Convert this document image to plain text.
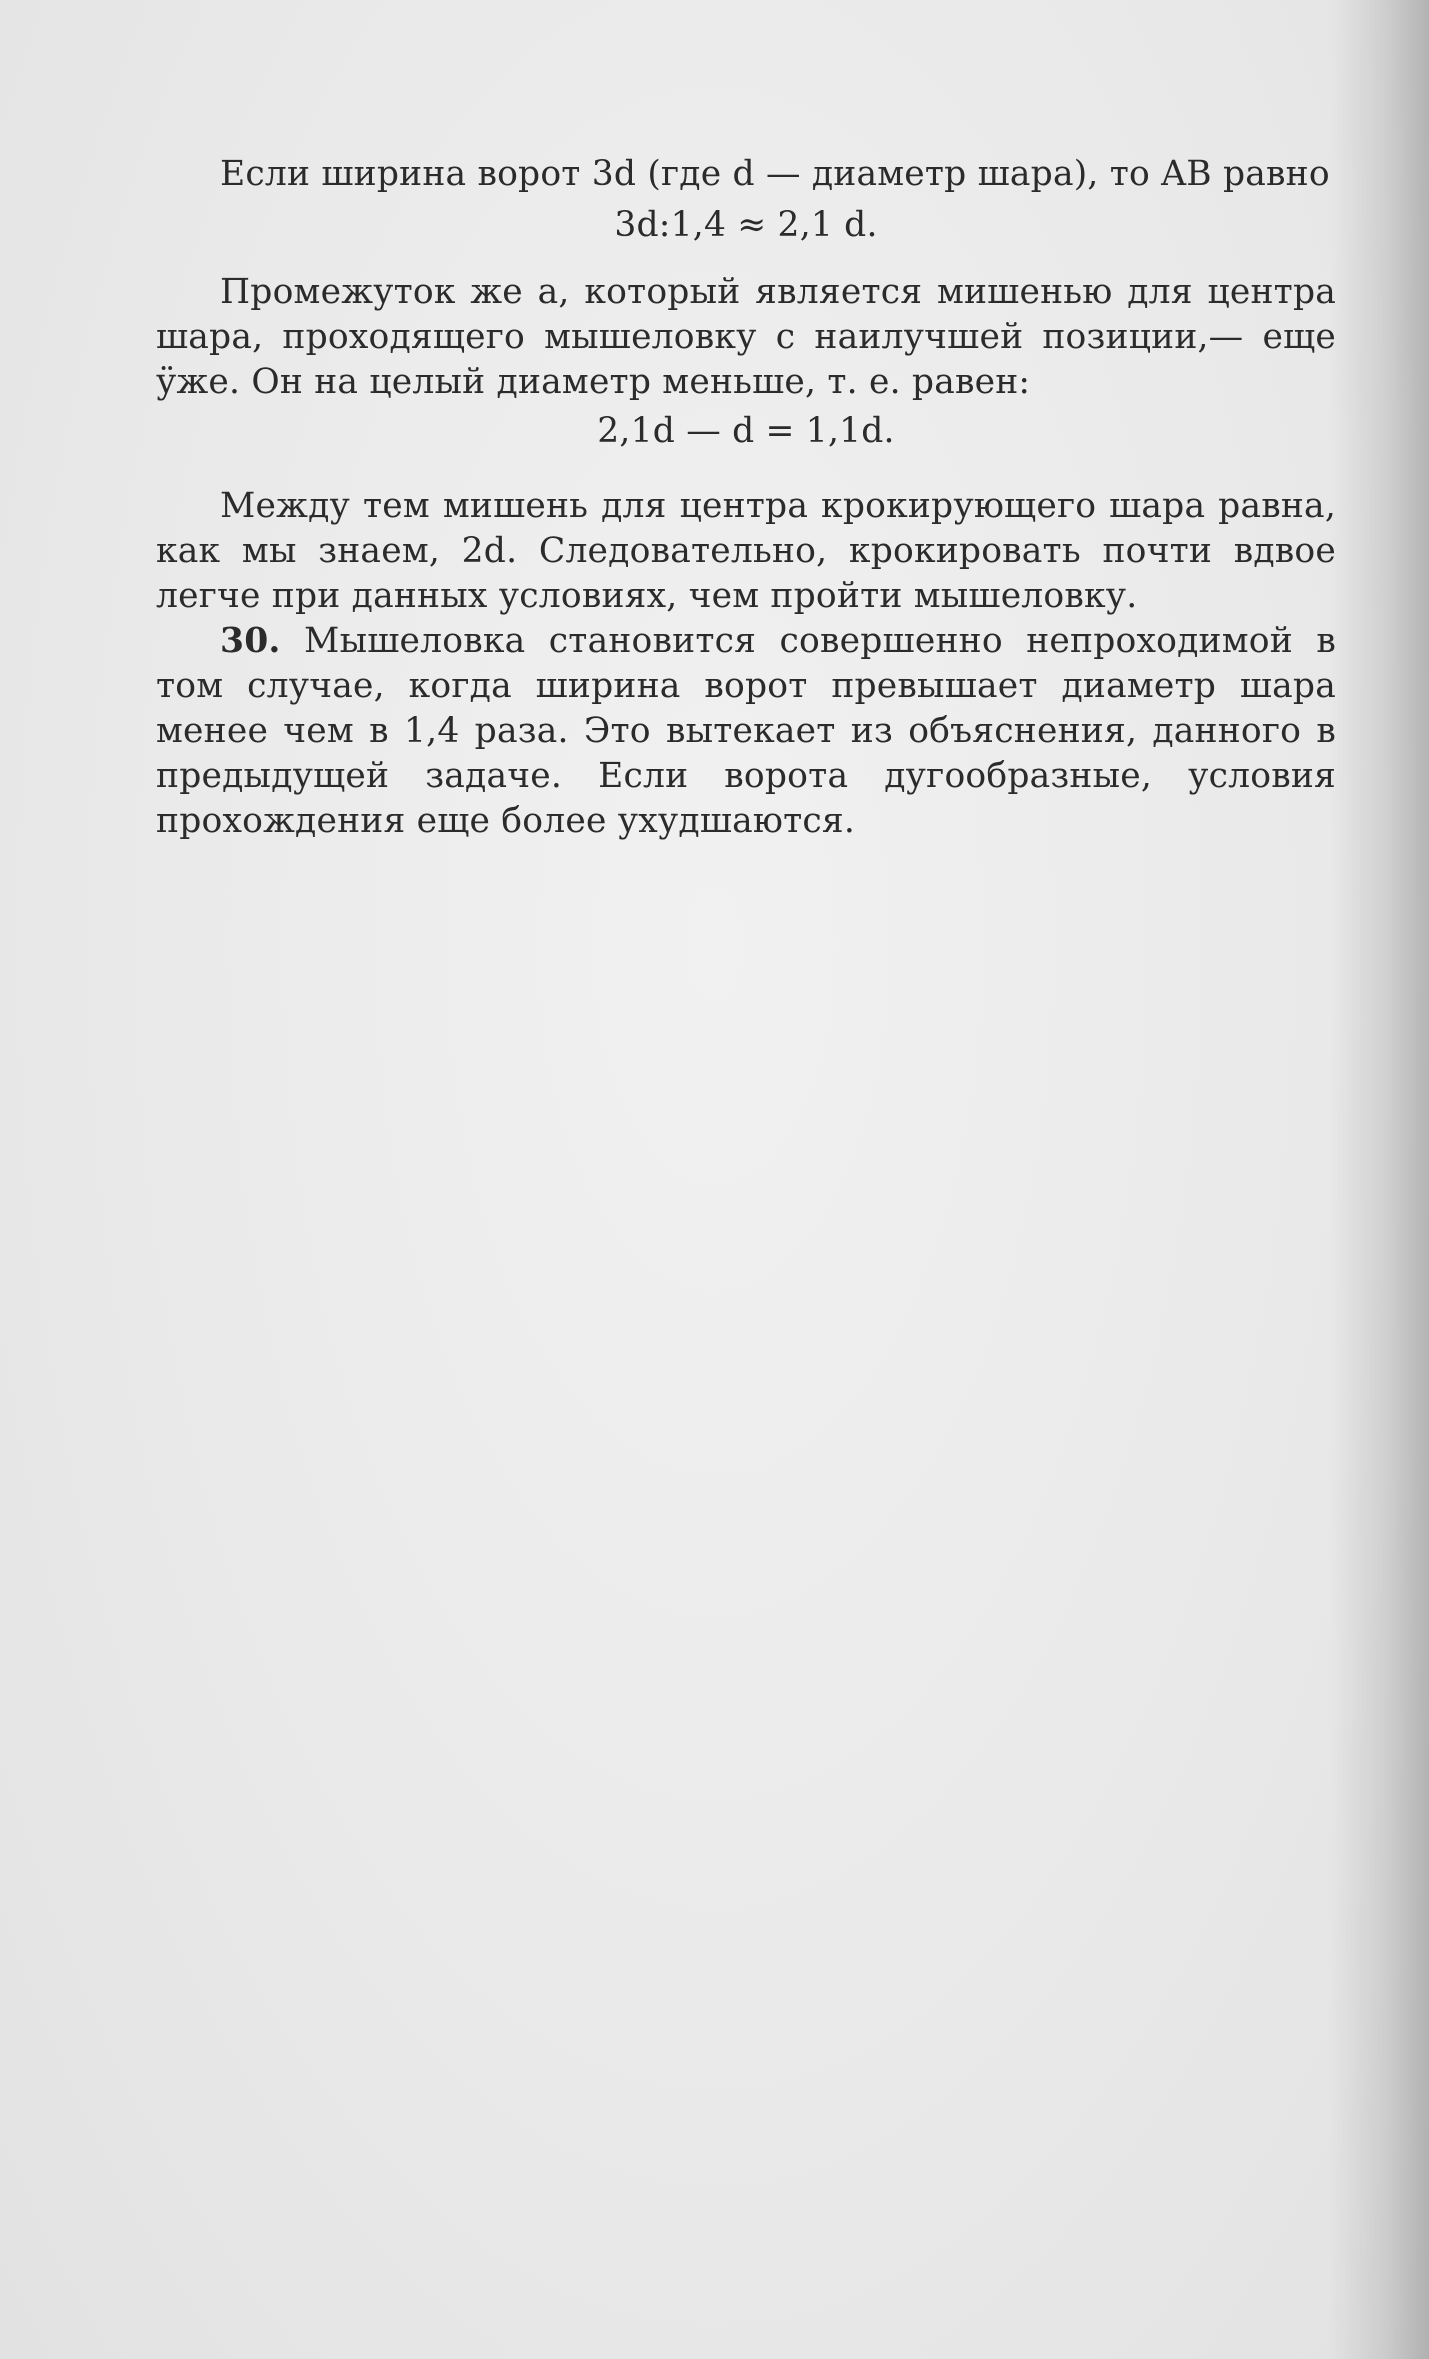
Если ширина ворот 3d (где d — диаметр шара), то AB равно

3d:1,4 ≈ 2,1 d.

Промежуток же a, который является мишенью для центра шара, проходящего мышеловку с наилучшей позиции,— еще ӱже. Он на целый диаметр меньше, т. е. равен:

2,1d — d = 1,1d.

Между тем мишень для центра крокирующего шара равна, как мы знаем, 2d. Следовательно, крокировать почти вдвое легче при данных условиях, чем пройти мышеловку.

30. Мышеловка становится совершенно непроходимой в том случае, когда ширина ворот превышает диаметр шара менее чем в 1,4 раза. Это вытекает из объяснения, данного в предыдущей задаче. Если ворота дугообразные, условия прохождения еще более ухудшаются.
